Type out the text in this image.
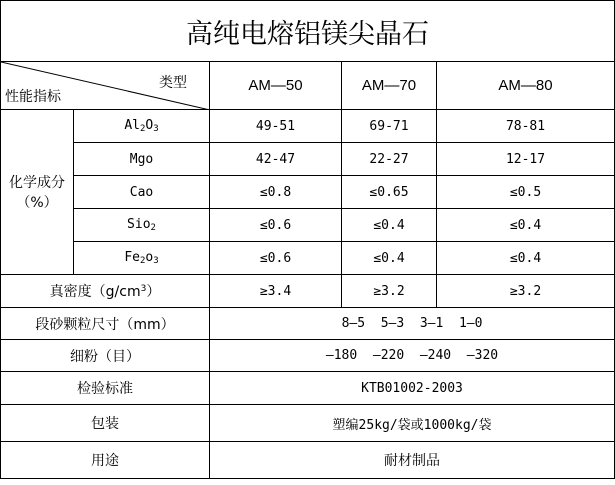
高纯电熔铝镁尖晶石					

类型
性能指标		AM—50	AM—70	AM—80	

化学成分
（%）	$Al_2O_3$	49-51	69-71	78-81	
	Mgo	42-47	22-27	12-17	
	Cao	≤0.8	≤0.65	≤0.5	
	Sio$_2$	≤0.6	≤0.4	≤0.4	
	$Fe_2o_3$	≤0.6	≤0.4	≤0.4	
真密度$(g/cm^3)$		≥3.4	≥3.2	≥3.2	
段砂颗粒尺寸（mm）		8—5  5—3  3—1  1—0			
细粉（目）		—180  —220  —240  —320			
检验标准		KTB01002-2003			
包装		塑编25kg/袋或1000kg/袋			
用途		耐材制品			
